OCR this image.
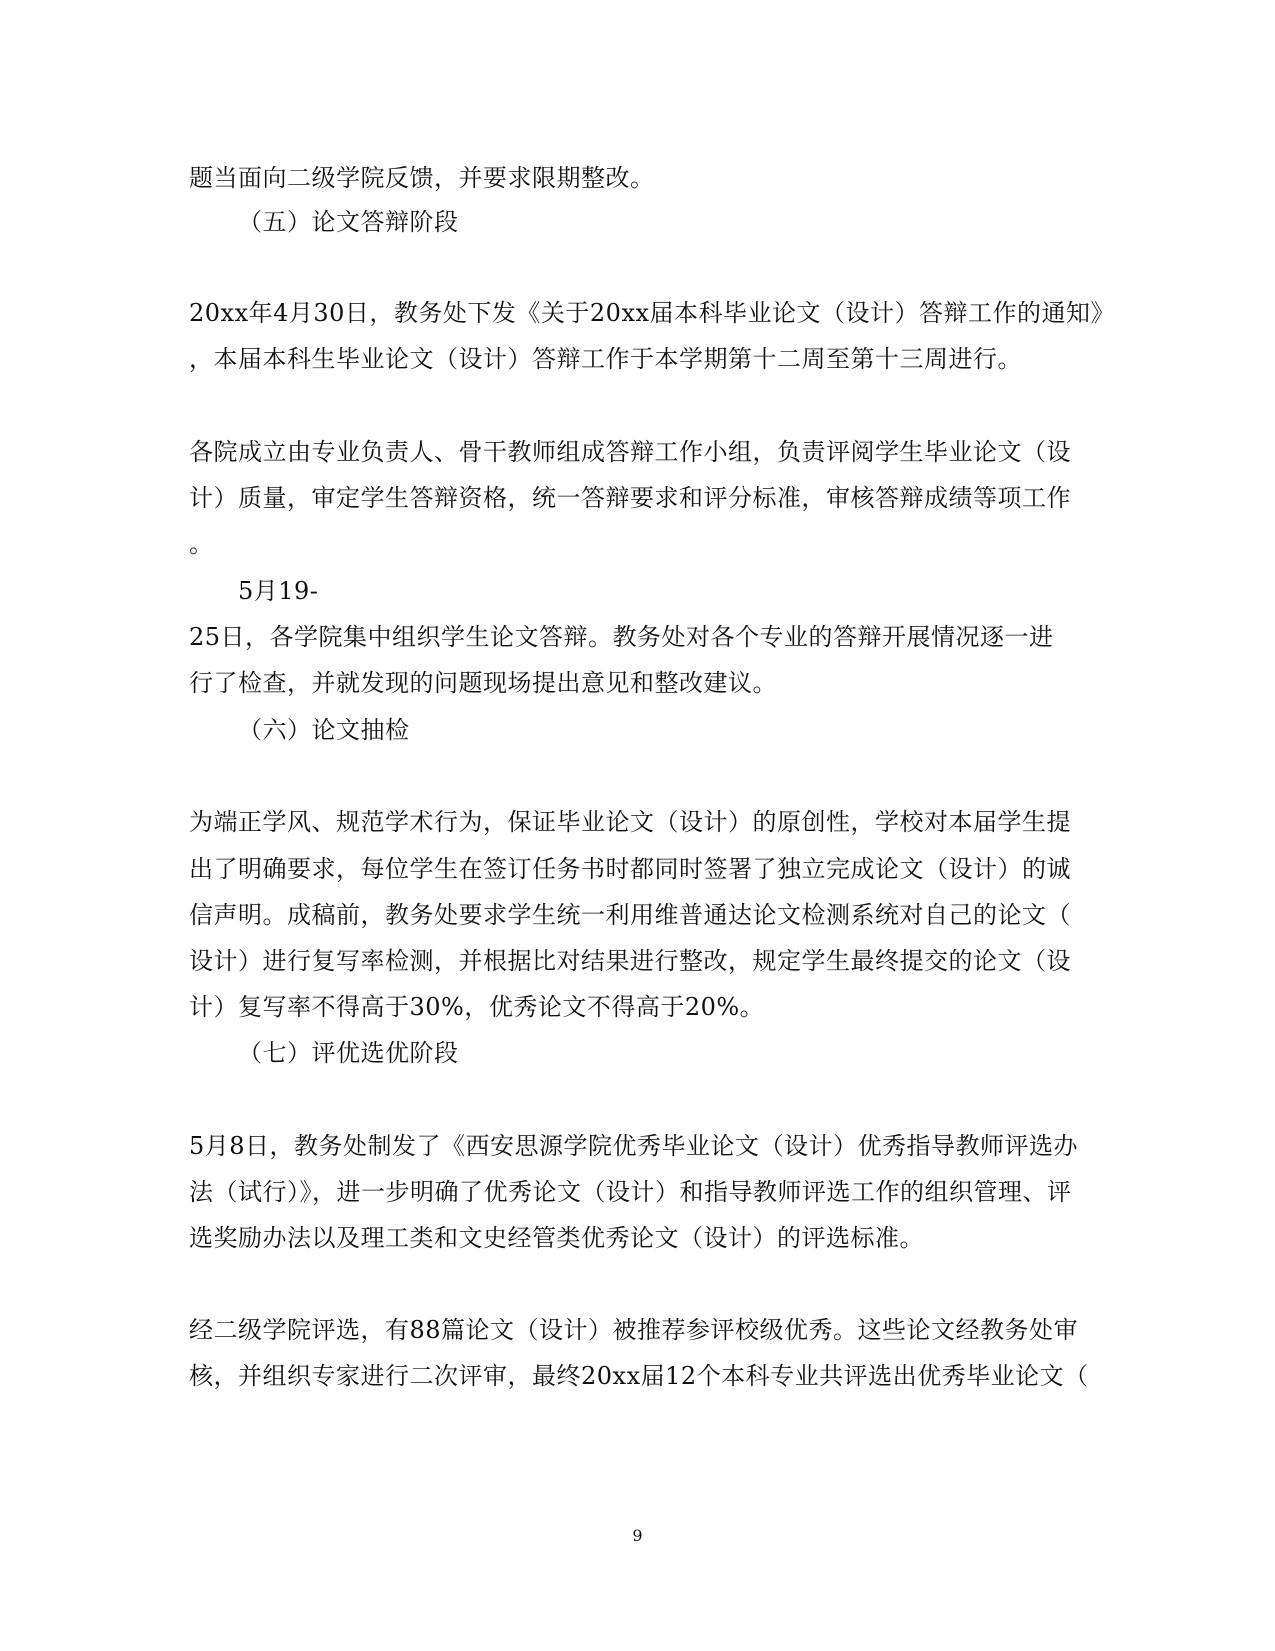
题当面向二级学院反馈，并要求限期整改。
（五）论文答辩阶段
20xx年4月30日，教务处下发《关于20xx届本科毕业论文（设计）答辩工作的通知》
，本届本科生毕业论文（设计）答辩工作于本学期第十二周至第十三周进行。
各院成立由专业负责人、骨干教师组成答辩工作小组，负责评阅学生毕业论文（设
计）质量，审定学生答辩资格，统一答辩要求和评分标准，审核答辩成绩等项工作
。
5月19-
25日，各学院集中组织学生论文答辩。教务处对各个专业的答辩开展情况逐一进
行了检查，并就发现的问题现场提出意见和整改建议。
（六）论文抽检
为端正学风、规范学术行为，保证毕业论文（设计）的原创性，学校对本届学生提
出了明确要求，每位学生在签订任务书时都同时签署了独立完成论文（设计）的诚
信声明。成稿前，教务处要求学生统一利用维普通达论文检测系统对自己的论文（
设计）进行复写率检测，并根据比对结果进行整改，规定学生最终提交的论文（设
计）复写率不得高于30%，优秀论文不得高于20%。
（七）评优选优阶段
5月8日，教务处制发了《西安思源学院优秀毕业论文（设计）优秀指导教师评选办
法（试行）》，进一步明确了优秀论文（设计）和指导教师评选工作的组织管理、评
选奖励办法以及理工类和文史经管类优秀论文（设计）的评选标准。
经二级学院评选，有88篇论文（设计）被推荐参评校级优秀。这些论文经教务处审
核，并组织专家进行二次评审，最终20xx届12个本科专业共评选出优秀毕业论文（
9
